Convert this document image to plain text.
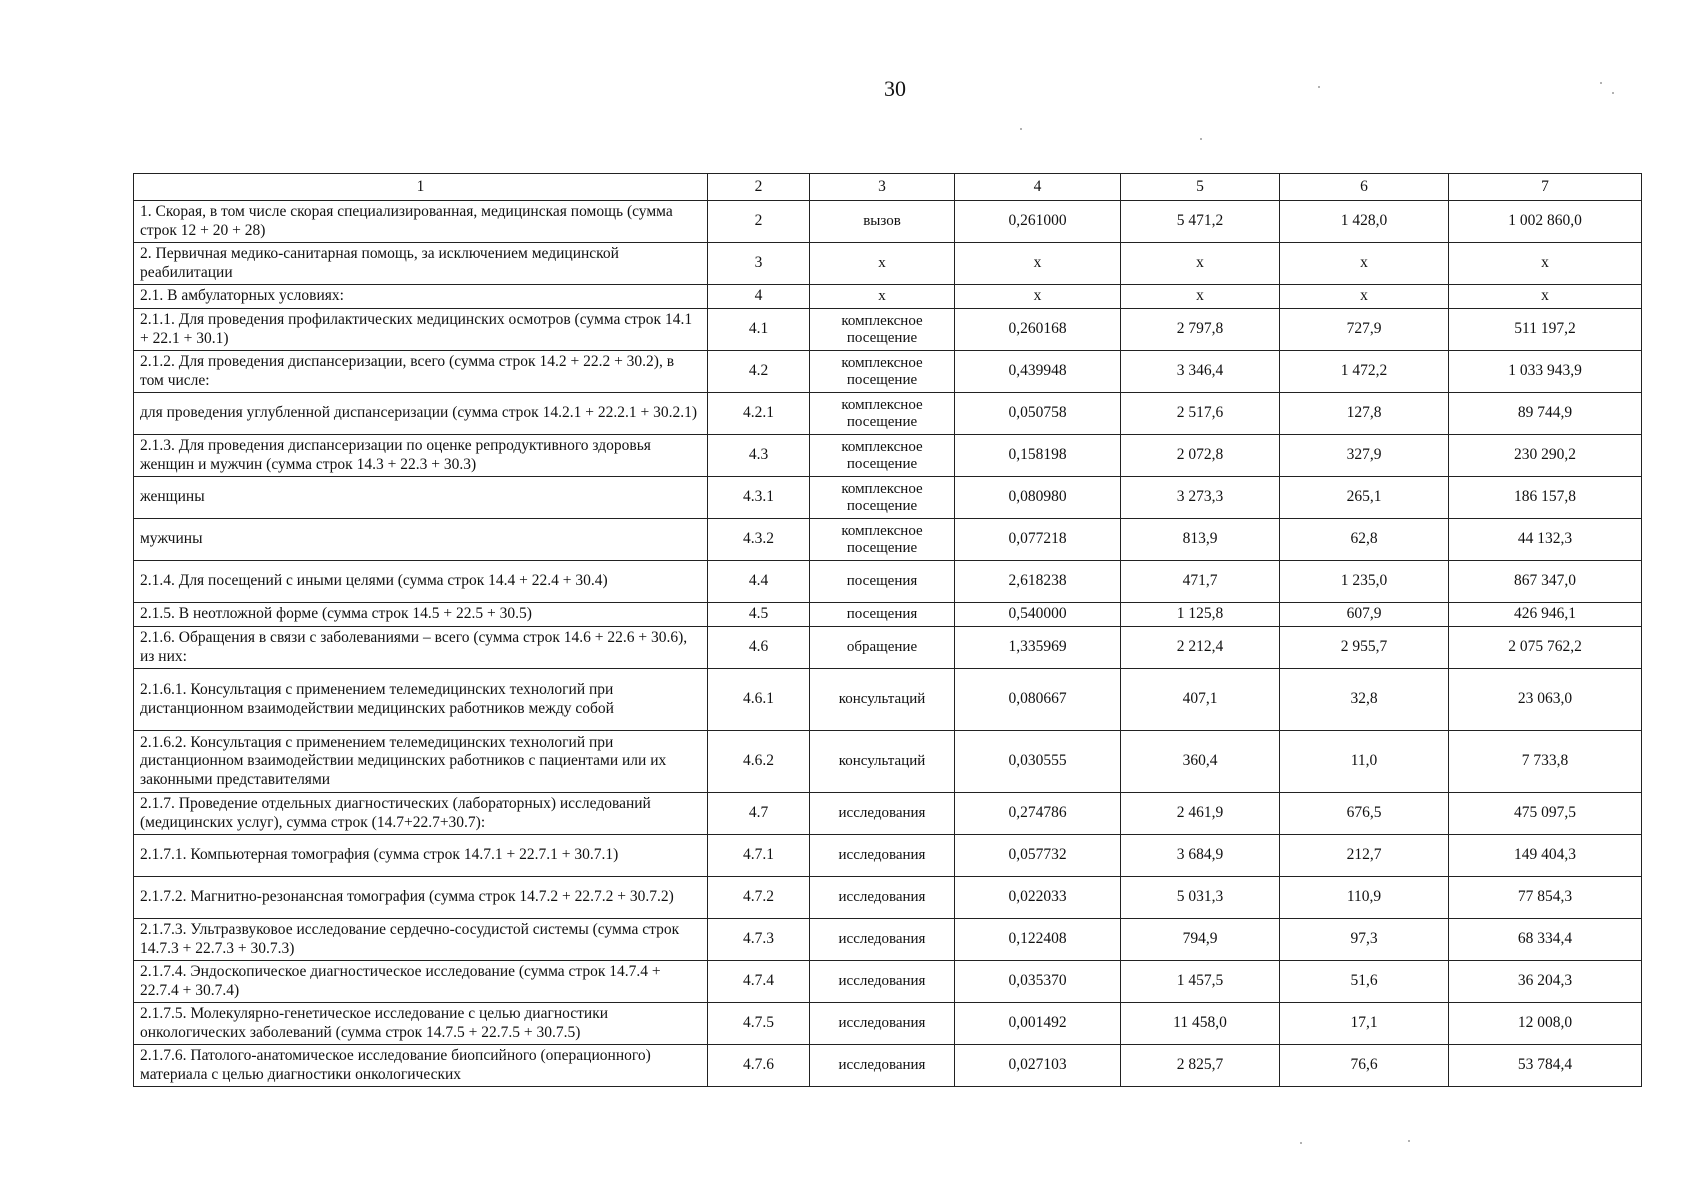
30
1	2	3	4	5	6	7
1. Скорая, в том числе скорая специализированная, медицинская помощь (сумма строк 12 + 20 + 28)	2	вызов	0,261000	5 471,2	1 428,0	1 002 860,0
2. Первичная медико-санитарная помощь, за исключением медицинской реабилитации	3	х	х	х	х	х
2.1. В амбулаторных условиях:	4	х	х	х	х	х
2.1.1. Для проведения профилактических медицинских осмотров (сумма строк 14.1 + 22.1 + 30.1)	4.1	комплексное посещение	0,260168	2 797,8	727,9	511 197,2
2.1.2. Для проведения диспансеризации, всего (сумма строк 14.2 + 22.2 + 30.2), в том числе:	4.2	комплексное посещение	0,439948	3 346,4	1 472,2	1 033 943,9
для проведения углубленной диспансеризации (сумма строк 14.2.1 + 22.2.1 + 30.2.1)	4.2.1	комплексное посещение	0,050758	2 517,6	127,8	89 744,9
2.1.3. Для проведения диспансеризации по оценке репродуктивного здоровья женщин и мужчин (сумма строк 14.3 + 22.3 + 30.3)	4.3	комплексное посещение	0,158198	2 072,8	327,9	230 290,2
женщины	4.3.1	комплексное посещение	0,080980	3 273,3	265,1	186 157,8
мужчины	4.3.2	комплексное посещение	0,077218	813,9	62,8	44 132,3
2.1.4. Для посещений с иными целями (сумма строк 14.4 + 22.4 + 30.4)	4.4	посещения	2,618238	471,7	1 235,0	867 347,0
2.1.5. В неотложной форме (сумма строк 14.5 + 22.5 + 30.5)	4.5	посещения	0,540000	1 125,8	607,9	426 946,1
2.1.6. Обращения в связи с заболеваниями – всего (сумма строк 14.6 + 22.6 + 30.6), из них:	4.6	обращение	1,335969	2 212,4	2 955,7	2 075 762,2
2.1.6.1. Консультация с применением телемедицинских технологий при дистанционном взаимодействии медицинских работников между собой	4.6.1	консультаций	0,080667	407,1	32,8	23 063,0
2.1.6.2. Консультация с применением телемедицинских технологий при дистанционном взаимодействии медицинских работников с пациентами или их законными представителями	4.6.2	консультаций	0,030555	360,4	11,0	7 733,8
2.1.7. Проведение отдельных диагностических (лабораторных) исследований (медицинских услуг), сумма строк (14.7+22.7+30.7):	4.7	исследования	0,274786	2 461,9	676,5	475 097,5
2.1.7.1. Компьютерная томография (сумма строк 14.7.1 + 22.7.1 + 30.7.1)	4.7.1	исследования	0,057732	3 684,9	212,7	149 404,3
2.1.7.2. Магнитно-резонансная томография (сумма строк 14.7.2 + 22.7.2 + 30.7.2)	4.7.2	исследования	0,022033	5 031,3	110,9	77 854,3
2.1.7.3. Ультразвуковое исследование сердечно-сосудистой системы (сумма строк 14.7.3 + 22.7.3 + 30.7.3)	4.7.3	исследования	0,122408	794,9	97,3	68 334,4
2.1.7.4. Эндоскопическое диагностическое исследование (сумма строк 14.7.4 + 22.7.4 + 30.7.4)	4.7.4	исследования	0,035370	1 457,5	51,6	36 204,3
2.1.7.5. Молекулярно-генетическое исследование с целью диагностики онкологических заболеваний (сумма строк 14.7.5 + 22.7.5 + 30.7.5)	4.7.5	исследования	0,001492	11 458,0	17,1	12 008,0
2.1.7.6. Патолого-анатомическое исследование биопсийного (операционного) материала с целью диагностики онкологических	4.7.6	исследования	0,027103	2 825,7	76,6	53 784,4
